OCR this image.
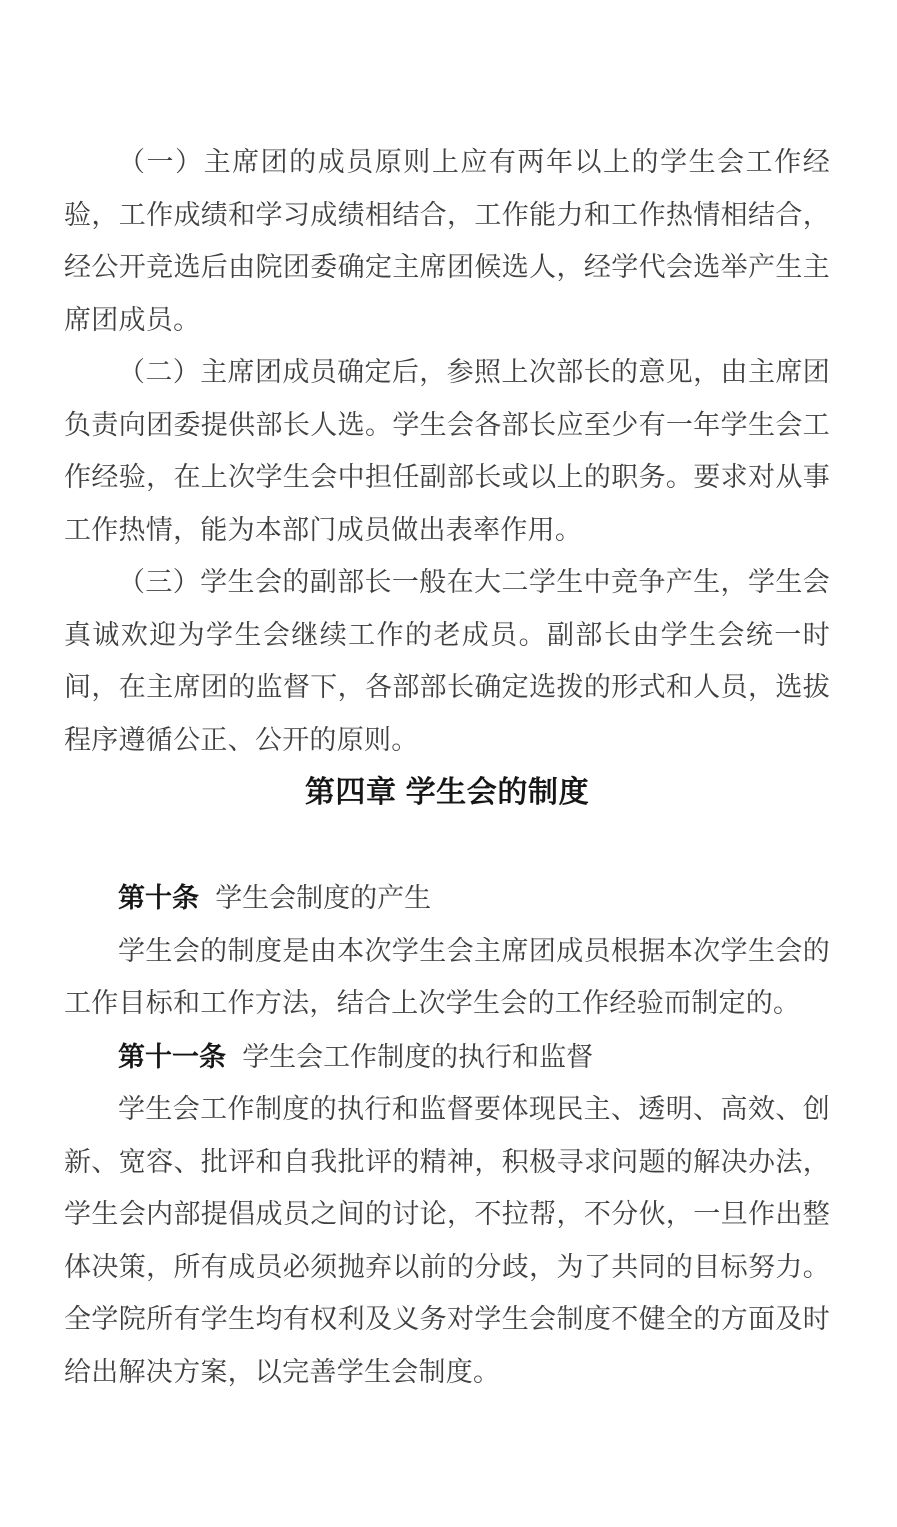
（一）主席团的成员原则上应有两年以上的学生会工作经验，工作成绩和学习成绩相结合，工作能力和工作热情相结合，经公开竞选后由院团委确定主席团候选人，经学代会选举产生主席团成员。

（二）主席团成员确定后，参照上次部长的意见，由主席团负责向团委提供部长人选。学生会各部长应至少有一年学生会工作经验，在上次学生会中担任副部长或以上的职务。要求对从事工作热情，能为本部门成员做出表率作用。

（三）学生会的副部长一般在大二学生中竞争产生，学生会真诚欢迎为学生会继续工作的老成员。副部长由学生会统一时间，在主席团的监督下，各部部长确定选拨的形式和人员，选拔程序遵循公正、公开的原则。

第四章 学生会的制度

第十条 学生会制度的产生

学生会的制度是由本次学生会主席团成员根据本次学生会的工作目标和工作方法，结合上次学生会的工作经验而制定的。

第十一条 学生会工作制度的执行和监督

学生会工作制度的执行和监督要体现民主、透明、高效、创新、宽容、批评和自我批评的精神，积极寻求问题的解决办法，学生会内部提倡成员之间的讨论，不拉帮，不分伙，一旦作出整体决策，所有成员必须抛弃以前的分歧，为了共同的目标努力。全学院所有学生均有权利及义务对学生会制度不健全的方面及时给出解决方案，以完善学生会制度。
